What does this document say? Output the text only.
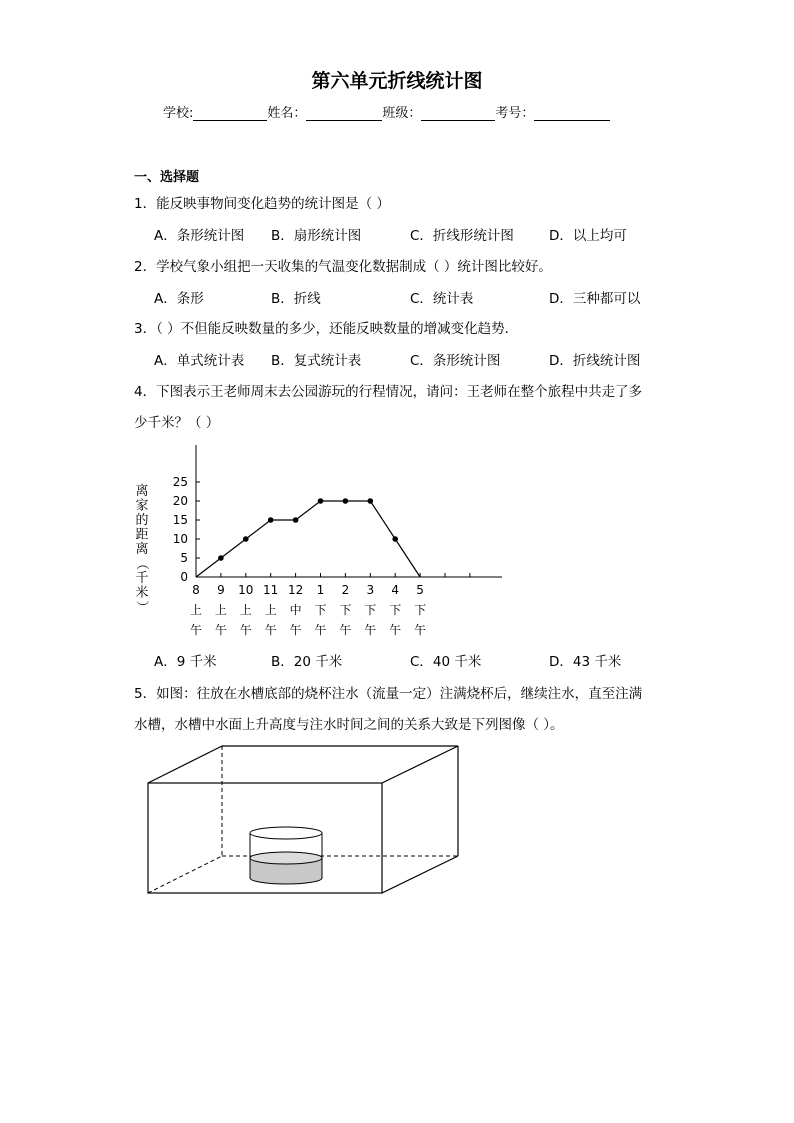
第六单元折线统计图
学校:	姓名：	班级：	考号：
一、选择题
1．能反映事物间变化趋势的统计图是（ ）
A．条形统计图 B．扇形统计图	C．折线形统计图	D．以上均可
2．学校气象小组把一天收集的气温变化数据制成（ ）统计图比较好。
A．条形	B．折线	C．统计表	D．三种都可以
3．（ ）不但能反映数量的多少，还能反映数量的增减变化趋势．
A．单式统计表 B．复式统计表	C．条形统计图	D．折线统计图
4．下图表示王老师周末去公园游玩的行程情况，请问：王老师在整个旅程中共走了多
少千米？（ ）
0
5
10
15
20
25
8
上
午
9
上
午
10
上
午
11
上
午
12
中
午
1
下
午
2
下
午
3
下
午
4
下
午
5
下
午
离
家
的
距
离
（
千
米
）
A．9 千米	B．20 千米	C．40 千米	D．43 千米
5．如图：往放在水槽底部的烧杯注水（流量一定）注满烧杯后，继续注水，直至注满
水槽，水槽中水面上升高度与注水时间之间的关系大致是下列图像（ ）。
